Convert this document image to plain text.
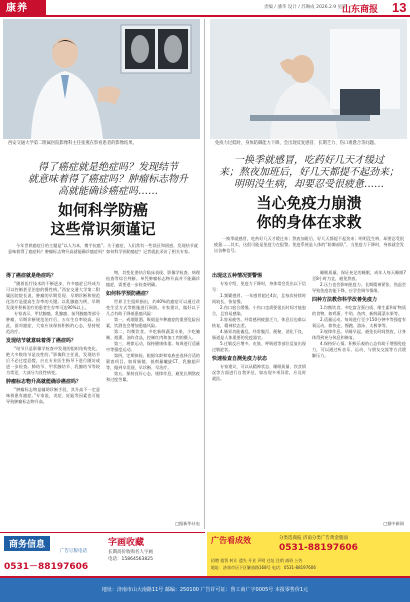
康养	责编 / 潘华 设计 / 苏琳成 2026.2.9 星期一
山东商报 13
西安交通大学第二附属医院影像科主任张燕在察看患者的影像结果。	免疫力过低时，身体防御能力下降，会出现反复感冒、长期乏力、伤口难愈合等问题。
得了癌症就是绝症吗？发现结节
就意味着得了癌症吗？肿瘤标志物升
高就能确诊癌症吗……
如何科学防癌
这些常识须谨记
今年世界癌症日的主题是“以人为本，携手抗癌”。关于癌症，人们常有一些误区和困惑，发现结节就意味着得了癌症吗？肿瘤标志物升高就能确诊癌症吗？如何科学预防癌症？记者就此采访了相关专家。
得了癌症就是绝症吗？
“随着医疗技术的不断进步，许多癌症已经成为可以控制甚至治愈的慢性病。”西安交通大学第二附属医院院长说，肿瘤的早期发现、早期诊断和规范化治疗是提高生存率的关键。以乳腺癌为例，早期发现并积极治疗的患者生存率可达90%以上。
专家表示，甲状腺癌、乳腺癌、前列腺癌等部分肿瘤，早期诊断规范治疗后，五年生存率较高。因此，面对癌症，大家应该保持积极的心态，坚持规范治疗。
发现结节就意味着得了癌症吗？
“结节只是影像学检查中发现的组织结构变化，绝大多数结节是良性的。”影像科主任说，发现结节后不必过度恐慌，应在专业医生指导下进行随访或进一步检查。肺结节、甲状腺结节、乳腺结节等较为常见，大部分为良性病变。
肿瘤标志物升高就能确诊癌症吗？
“肿瘤标志物是辅助诊断手段，其升高不一定意味着患有癌症。”专家说，炎症、妊娠等因素也可能导致肿瘤标志物升高。
物，其变化要结合临床表现、影像学检查、病理检查等综合判断。单凭肿瘤标志物升高并不能确诊癌症，需要进一步检查明确。
如何科学预防癌症？
世界卫生组织指出，约40%的癌症可以通过改变生活方式等措施进行预防。专家建议，做好以下几点有助于降低患癌风险：
第一，戒烟限酒。吸烟是多种癌症的重要危险因素，饮酒也会增加患癌风险。
第二，均衡饮食。多吃新鲜蔬菜水果，少吃腌制、烟熏、油炸食品，控制红肉和加工肉的摄入。
第三，规律运动，保持健康体重。每周进行适量中等强度运动。
第四，定期体检。根据年龄和家族史选择合适的筛查项目，如胃肠镜、低剂量螺旋CT、乳腺超声等，做到早发现、早诊断、早治疗。
第五，保持良好心态，规律作息，避免长期熬夜和过度劳累。
□据新华社电
一换季就感冒，吃药好几天才缓过
来；熬夜加班后，好几天都提不起劲来；
明明没生病，却要忍受很疲惫……
当心免疫力崩溃
你的身体在求救
一换季就感冒，吃药好几天才缓过来；熬夜加班后，好几天都提不起劲来；明明没生病，却要忍受很疲惫……其实，这很可能是免疫力在报警。免疫系统是人体的“防御部队”，当免疫力下降时，身体就会发出各种信号。
出现这五种情况要警惕
专家介绍，免疫力下降时，身体常会发出以下信号：
1.频繁感冒。一年感冒超过4次，且每次持续时间较长，恢复慢。
2.伤口愈合缓慢。小伤口也需要很长时间才能愈合，且容易感染。
3.容易疲劳。经常感到疲惫乏力，休息后也难以恢复，精神状态差。
4.肠胃功能紊乱。经常腹泻、便秘、消化不良，肠道是人体重要的免疫器官。
5.过敏反应增多。皮肤、呼吸道等部位反复出现过敏症状。
快速检查自测免疫力状态
专家建议，可以从精神状态、睡眠质量、饮食情况等方面进行自我评估，如出现多项异常，应及时就医。
睡眠质量。保证充足的睡眠，成年人每天睡眠7至8小时为宜，避免熬夜。
2.压力也会影响免疫力。长期精神紧张、焦虑会导致免疫功能下降，应学会调节情绪。
四种方法教你科学改善免疫力
1.均衡饮食。多吃富含蛋白质、维生素和矿物质的食物，如鸡蛋、牛奶、鱼肉、新鲜蔬菜水果等。
2.适量运动。每周进行至少150分钟中等强度有氧运动，如快走、慢跑、游泳、太极拳等。
3.规律作息。早睡早起，避免长时间熬夜，让身体得到充分休息和修复。
4.保持好心情。积极乐观的心态有助于增强免疫力，可以通过听音乐、运动、与朋友交流等方式缓解压力。
□据中新网
商务信息
广告订版电话
0531－88197606
字画收藏
长期高价收购名人字画
电话：15864563825
广告看成效	分类选商报 济南分类广告黄金版面
0531-88197606
招聘 租赁 转让 遗失 开业 声明 迁址 注销 减资 公告
地址：济南市历下区解放路168号 电话：0531-88197606
地址：济南市山大南路11号 邮编：250100 广告许可证：鲁工商广字0005号 本报零售价1元
